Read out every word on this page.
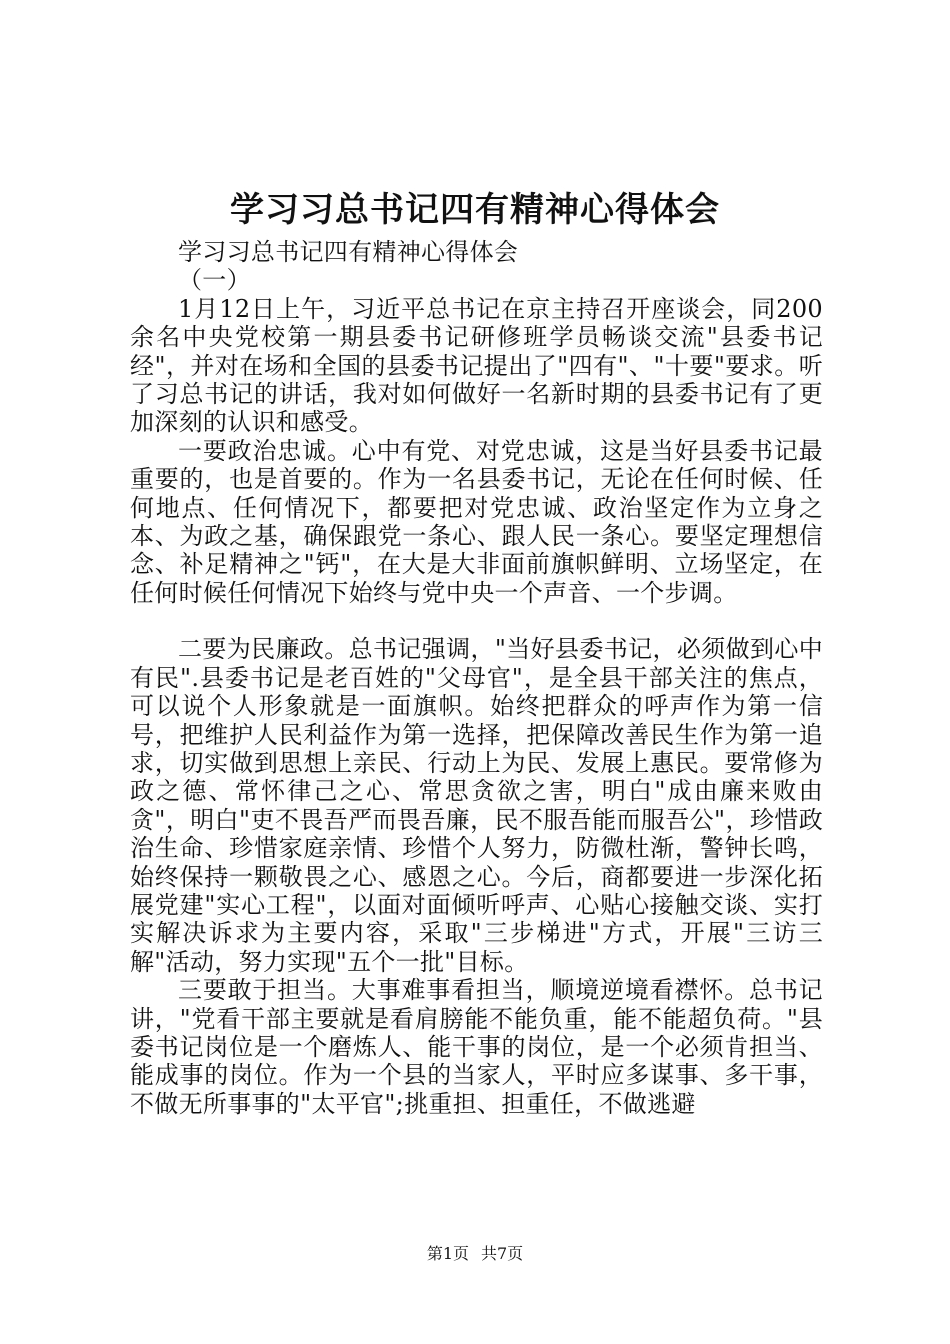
学习习总书记四有精神心得体会

学习习总书记四有精神心得体会

（一）

1月12日上午，习近平总书记在京主持召开座谈会，同200余名中央党校第一期县委书记研修班学员畅谈交流"县委书记经"，并对在场和全国的县委书记提出了"四有"、"十要"要求。听了习总书记的讲话，我对如何做好一名新时期的县委书记有了更加深刻的认识和感受。

一要政治忠诚。心中有党、对党忠诚，这是当好县委书记最重要的，也是首要的。作为一名县委书记，无论在任何时候、任何地点、任何情况下，都要把对党忠诚、政治坚定作为立身之本、为政之基，确保跟党一条心、跟人民一条心。要坚定理想信念、补足精神之"钙"，在大是大非面前旗帜鲜明、立场坚定，在任何时候任何情况下始终与党中央一个声音、一个步调。

二要为民廉政。总书记强调，"当好县委书记，必须做到心中有民".县委书记是老百姓的"父母官"，是全县干部关注的焦点，可以说个人形象就是一面旗帜。始终把群众的呼声作为第一信号，把维护人民利益作为第一选择，把保障改善民生作为第一追求，切实做到思想上亲民、行动上为民、发展上惠民。要常修为政之德、常怀律己之心、常思贪欲之害，明白"成由廉来败由贪"，明白"吏不畏吾严而畏吾廉，民不服吾能而服吾公"，珍惜政治生命、珍惜家庭亲情、珍惜个人努力，防微杜渐，警钟长鸣，始终保持一颗敬畏之心、感恩之心。今后，商都要进一步深化拓展党建"实心工程"，以面对面倾听呼声、心贴心接触交谈、实打实解决诉求为主要内容，采取"三步梯进"方式，开展"三访三解"活动，努力实现"五个一批"目标。

三要敢于担当。大事难事看担当，顺境逆境看襟怀。总书记讲，"党看干部主要就是看肩膀能不能负重，能不能超负荷。"县委书记岗位是一个磨炼人、能干事的岗位，是一个必须肯担当、能成事的岗位。作为一个县的当家人，平时应多谋事、多干事，不做无所事事的"太平官";挑重担、担重任，不做逃避

第1页 共7页
